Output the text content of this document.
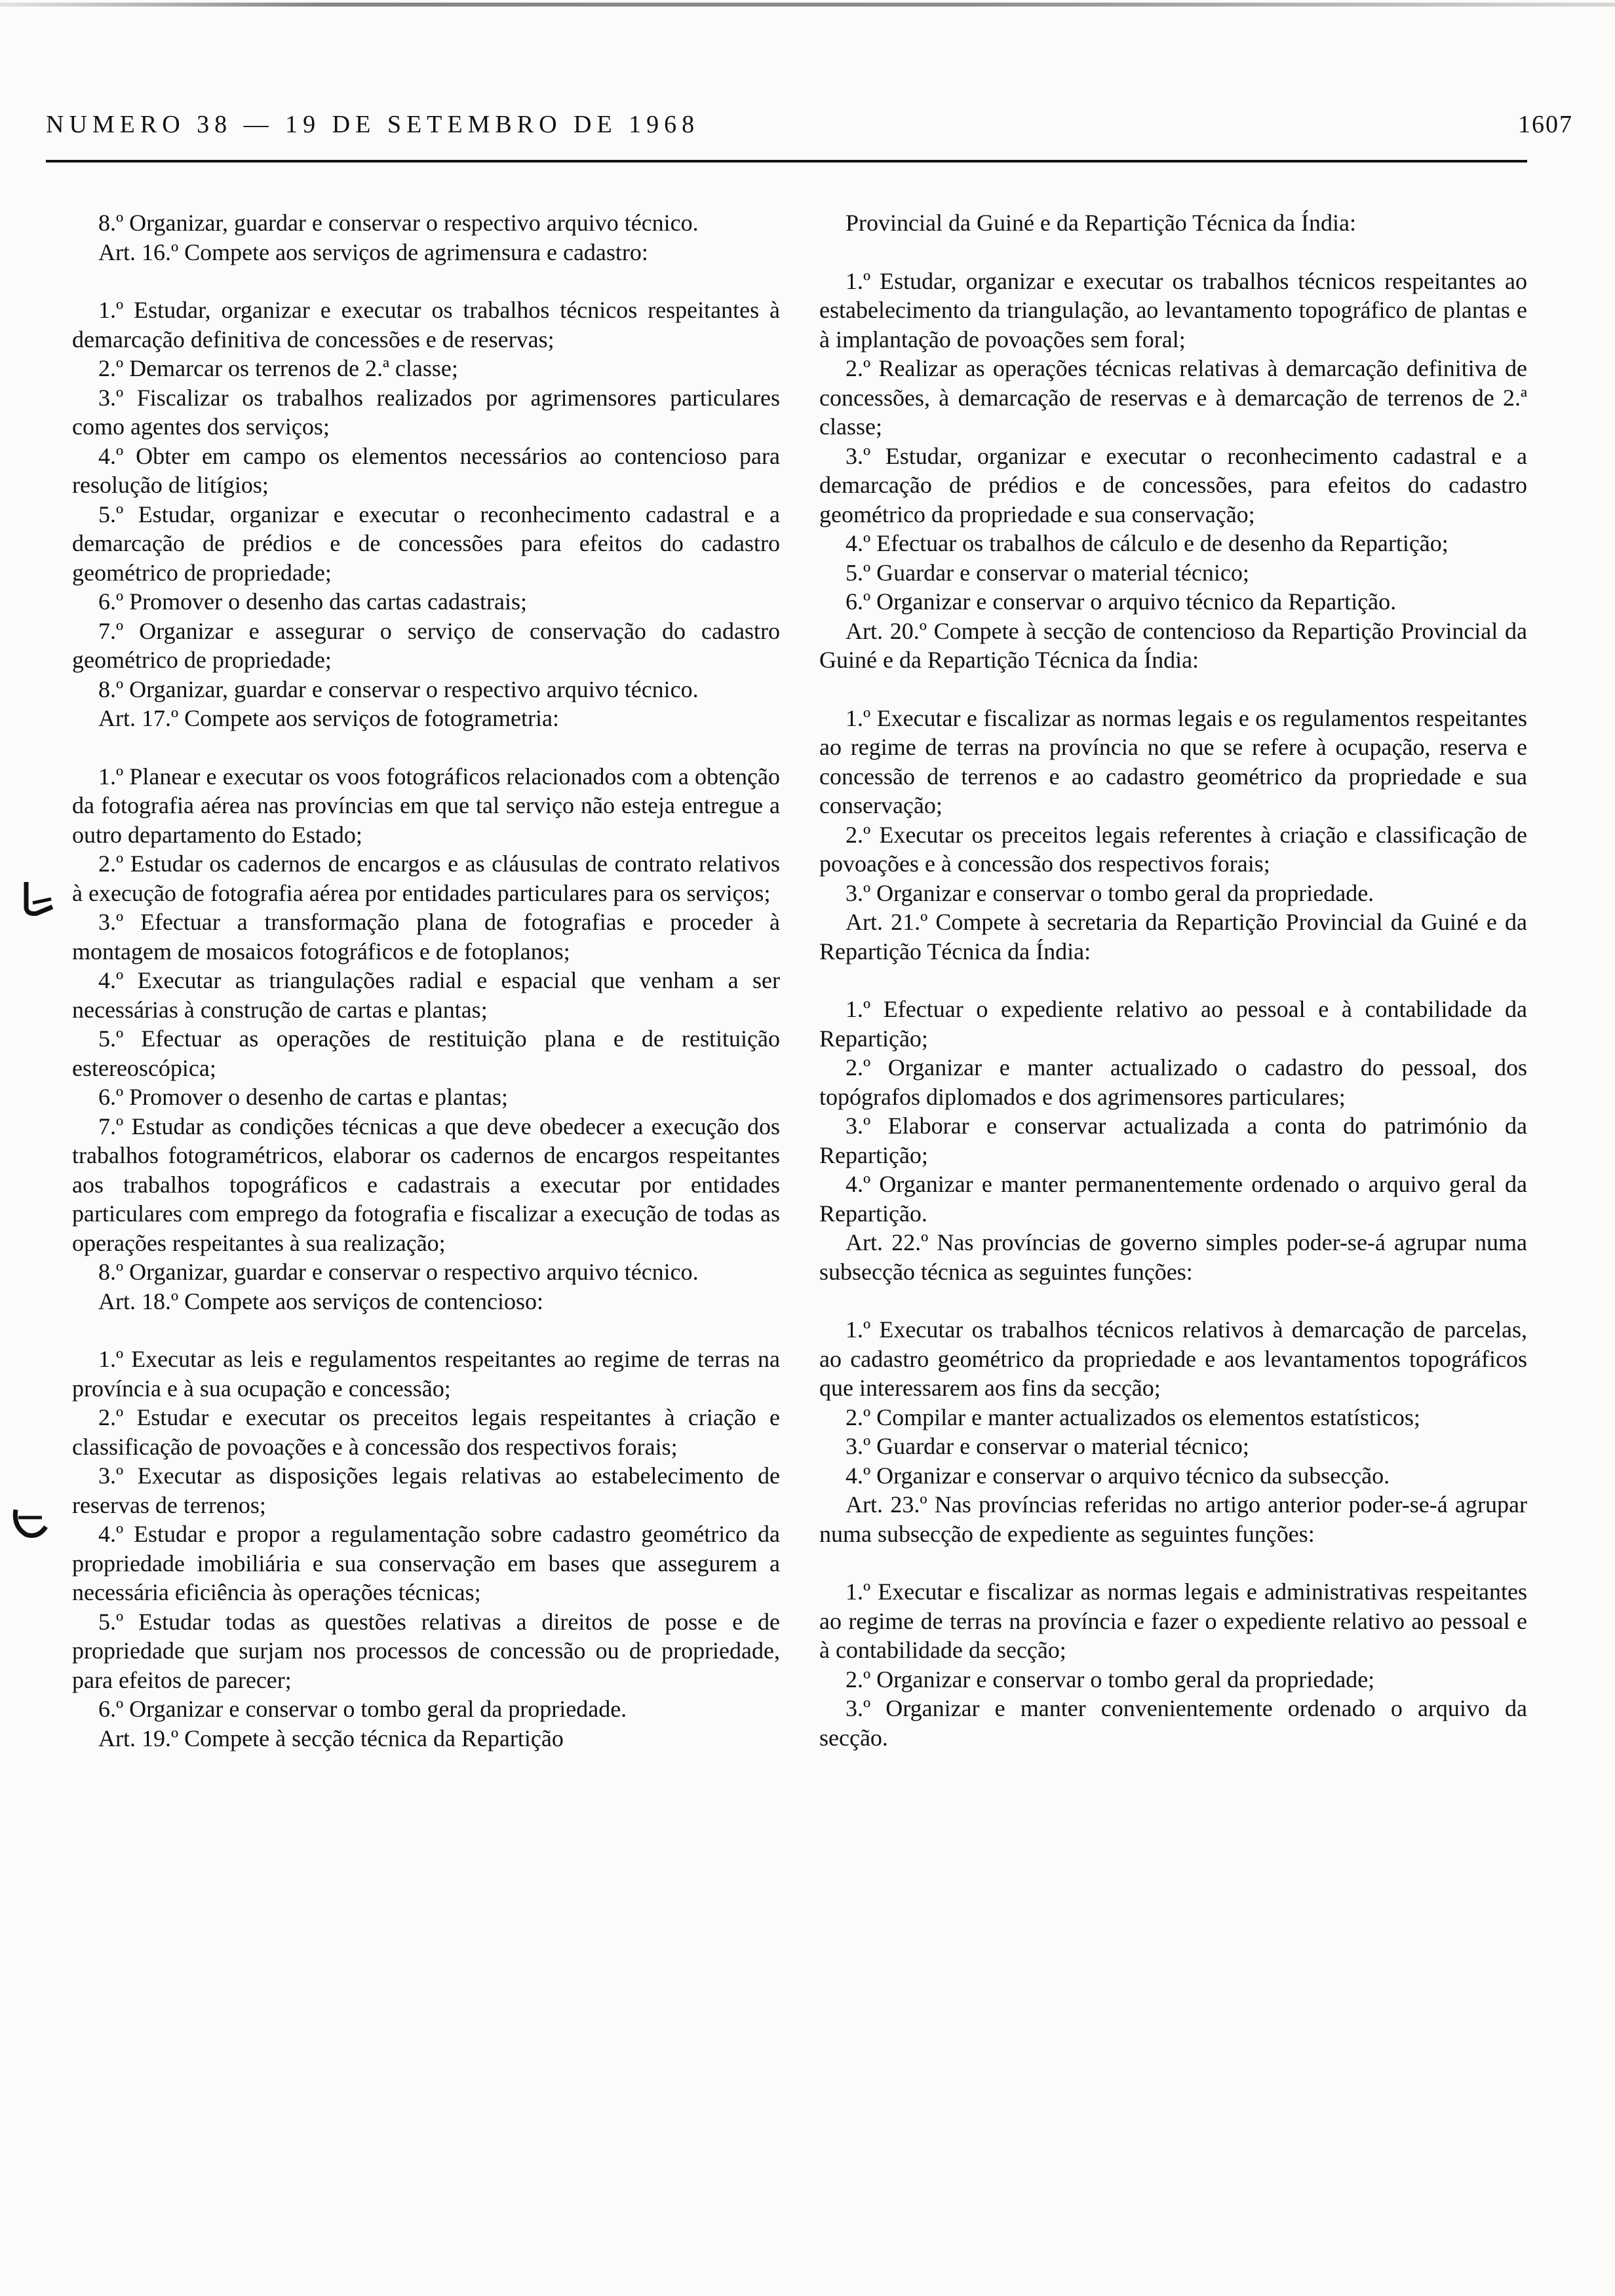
NUMERO 38 — 19 DE SETEMBRO DE 1968	1607

8.º Organizar, guardar e conservar o respectivo arquivo técnico.

Art. 16.º Compete aos serviços de agrimensura e cadastro:

1.º Estudar, organizar e executar os trabalhos técnicos respeitantes à demarcação definitiva de concessões e de reservas;

2.º Demarcar os terrenos de 2.ª classe;

3.º Fiscalizar os trabalhos realizados por agrimensores particulares como agentes dos serviços;

4.º Obter em campo os elementos necessários ao contencioso para resolução de litígios;

5.º Estudar, organizar e executar o reconhecimento cadastral e a demarcação de prédios e de concessões para efeitos do cadastro geométrico de propriedade;

6.º Promover o desenho das cartas cadastrais;

7.º Organizar e assegurar o serviço de conservação do cadastro geométrico de propriedade;

8.º Organizar, guardar e conservar o respectivo arquivo técnico.

Art. 17.º Compete aos serviços de fotogrametria:

1.º Planear e executar os voos fotográficos relacionados com a obtenção da fotografia aérea nas províncias em que tal serviço não esteja entregue a outro departamento do Estado;

2.º Estudar os cadernos de encargos e as cláusulas de contrato relativos à execução de fotografia aérea por entidades particulares para os serviços;

3.º Efectuar a transformação plana de fotografias e proceder à montagem de mosaicos fotográficos e de fotoplanos;

4.º Executar as triangulações radial e espacial que venham a ser necessárias à construção de cartas e plantas;

5.º Efectuar as operações de restituição plana e de restituição estereoscópica;

6.º Promover o desenho de cartas e plantas;

7.º Estudar as condições técnicas a que deve obedecer a execução dos trabalhos fotogramétricos, elaborar os cadernos de encargos respeitantes aos trabalhos topográficos e cadastrais a executar por entidades particulares com emprego da fotografia e fiscalizar a execução de todas as operações respeitantes à sua realização;

8.º Organizar, guardar e conservar o respectivo arquivo técnico.

Art. 18.º Compete aos serviços de contencioso:

1.º Executar as leis e regulamentos respeitantes ao regime de terras na província e à sua ocupação e concessão;

2.º Estudar e executar os preceitos legais respeitantes à criação e classificação de povoações e à concessão dos respectivos forais;

3.º Executar as disposições legais relativas ao estabelecimento de reservas de terrenos;

4.º Estudar e propor a regulamentação sobre cadastro geométrico da propriedade imobiliária e sua conservação em bases que assegurem a necessária eficiência às operações técnicas;

5.º Estudar todas as questões relativas a direitos de posse e de propriedade que surjam nos processos de concessão ou de propriedade, para efeitos de parecer;

6.º Organizar e conservar o tombo geral da propriedade.

Art. 19.º Compete à secção técnica da Repartição

Provincial da Guiné e da Repartição Técnica da Índia:

1.º Estudar, organizar e executar os trabalhos técnicos respeitantes ao estabelecimento da triangulação, ao levantamento topográfico de plantas e à implantação de povoações sem foral;

2.º Realizar as operações técnicas relativas à demarcação definitiva de concessões, à demarcação de reservas e à demarcação de terrenos de 2.ª classe;

3.º Estudar, organizar e executar o reconhecimento cadastral e a demarcação de prédios e de concessões, para efeitos do cadastro geométrico da propriedade e sua conservação;

4.º Efectuar os trabalhos de cálculo e de desenho da Repartição;

5.º Guardar e conservar o material técnico;

6.º Organizar e conservar o arquivo técnico da Repartição.

Art. 20.º Compete à secção de contencioso da Repartição Provincial da Guiné e da Repartição Técnica da Índia:

1.º Executar e fiscalizar as normas legais e os regulamentos respeitantes ao regime de terras na província no que se refere à ocupação, reserva e concessão de terrenos e ao cadastro geométrico da propriedade e sua conservação;

2.º Executar os preceitos legais referentes à criação e classificação de povoações e à concessão dos respectivos forais;

3.º Organizar e conservar o tombo geral da propriedade.

Art. 21.º Compete à secretaria da Repartição Provincial da Guiné e da Repartição Técnica da Índia:

1.º Efectuar o expediente relativo ao pessoal e à contabilidade da Repartição;

2.º Organizar e manter actualizado o cadastro do pessoal, dos topógrafos diplomados e dos agrimensores particulares;

3.º Elaborar e conservar actualizada a conta do património da Repartição;

4.º Organizar e manter permanentemente ordenado o arquivo geral da Repartição.

Art. 22.º Nas províncias de governo simples poder-se-á agrupar numa subsecção técnica as seguintes funções:

1.º Executar os trabalhos técnicos relativos à demarcação de parcelas, ao cadastro geométrico da propriedade e aos levantamentos topográficos que interessarem aos fins da secção;

2.º Compilar e manter actualizados os elementos estatísticos;

3.º Guardar e conservar o material técnico;

4.º Organizar e conservar o arquivo técnico da subsecção.

Art. 23.º Nas províncias referidas no artigo anterior poder-se-á agrupar numa subsecção de expediente as seguintes funções:

1.º Executar e fiscalizar as normas legais e administrativas respeitantes ao regime de terras na província e fazer o expediente relativo ao pessoal e à contabilidade da secção;

2.º Organizar e conservar o tombo geral da propriedade;

3.º Organizar e manter convenientemente ordenado o arquivo da secção.
